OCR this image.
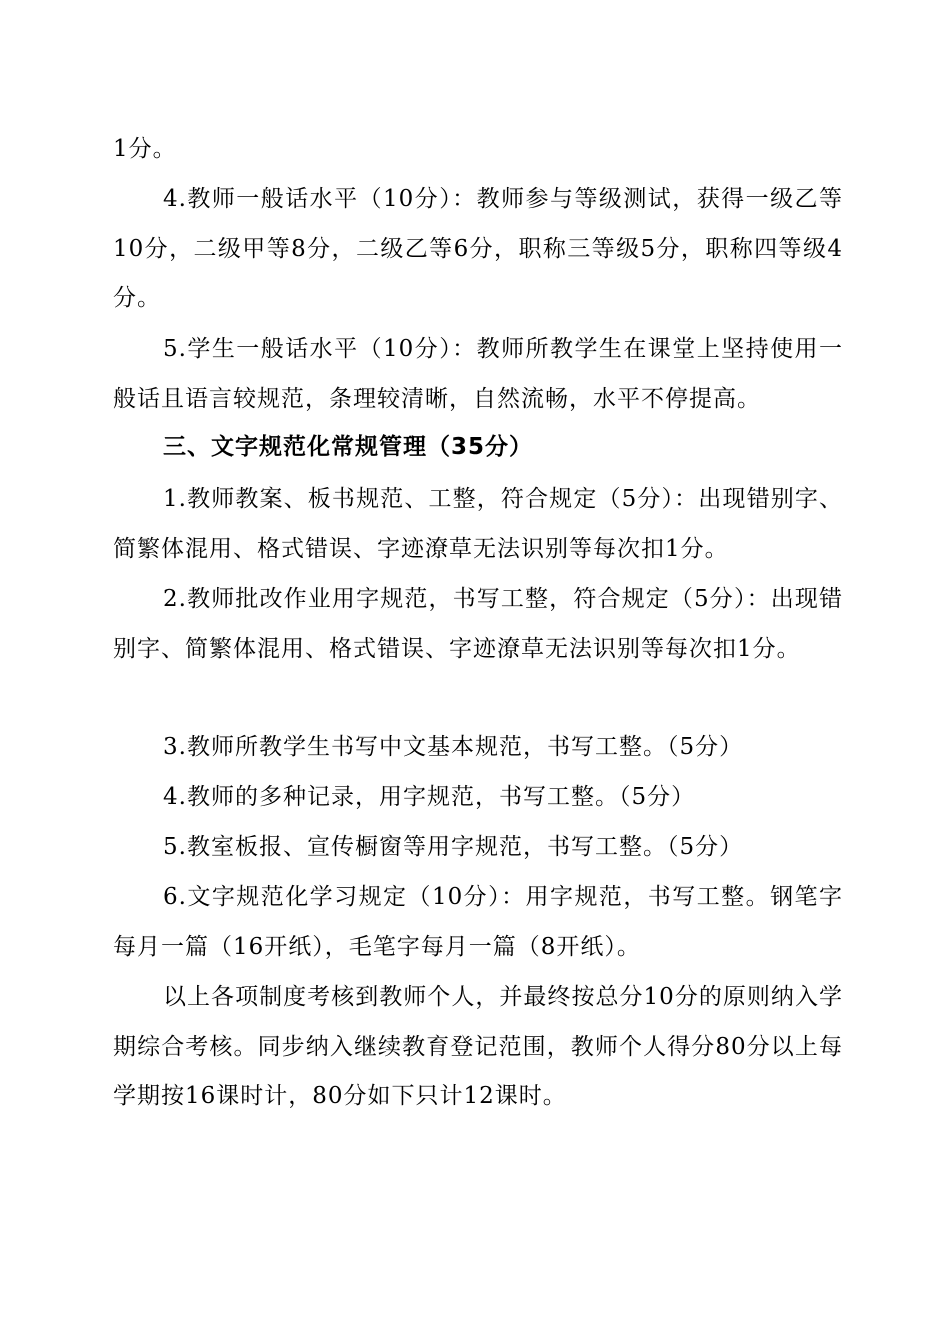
1分。

4.教师一般话水平（10分）：教师参与等级测试，获得一级乙等10分，二级甲等8分，二级乙等6分，职称三等级5分，职称四等级4分。

5.学生一般话水平（10分）：教师所教学生在课堂上坚持使用一般话且语言较规范，条理较清晰，自然流畅，水平不停提高。

三、文字规范化常规管理（35分）

1.教师教案、板书规范、工整，符合规定（5分）：出现错别字、简繁体混用、格式错误、字迹潦草无法识别等每次扣1分。

2.教师批改作业用字规范，书写工整，符合规定（5分）：出现错别字、简繁体混用、格式错误、字迹潦草无法识别等每次扣1分。

3.教师所教学生书写中文基本规范，书写工整。（5分）

4.教师的多种记录，用字规范，书写工整。（5分）

5.教室板报、宣传橱窗等用字规范，书写工整。（5分）

6.文字规范化学习规定（10分）：用字规范，书写工整。钢笔字每月一篇（16开纸），毛笔字每月一篇（8开纸）。

以上各项制度考核到教师个人，并最终按总分10分的原则纳入学期综合考核。同步纳入继续教育登记范围，教师个人得分80分以上每学期按16课时计，80分如下只计12课时。
